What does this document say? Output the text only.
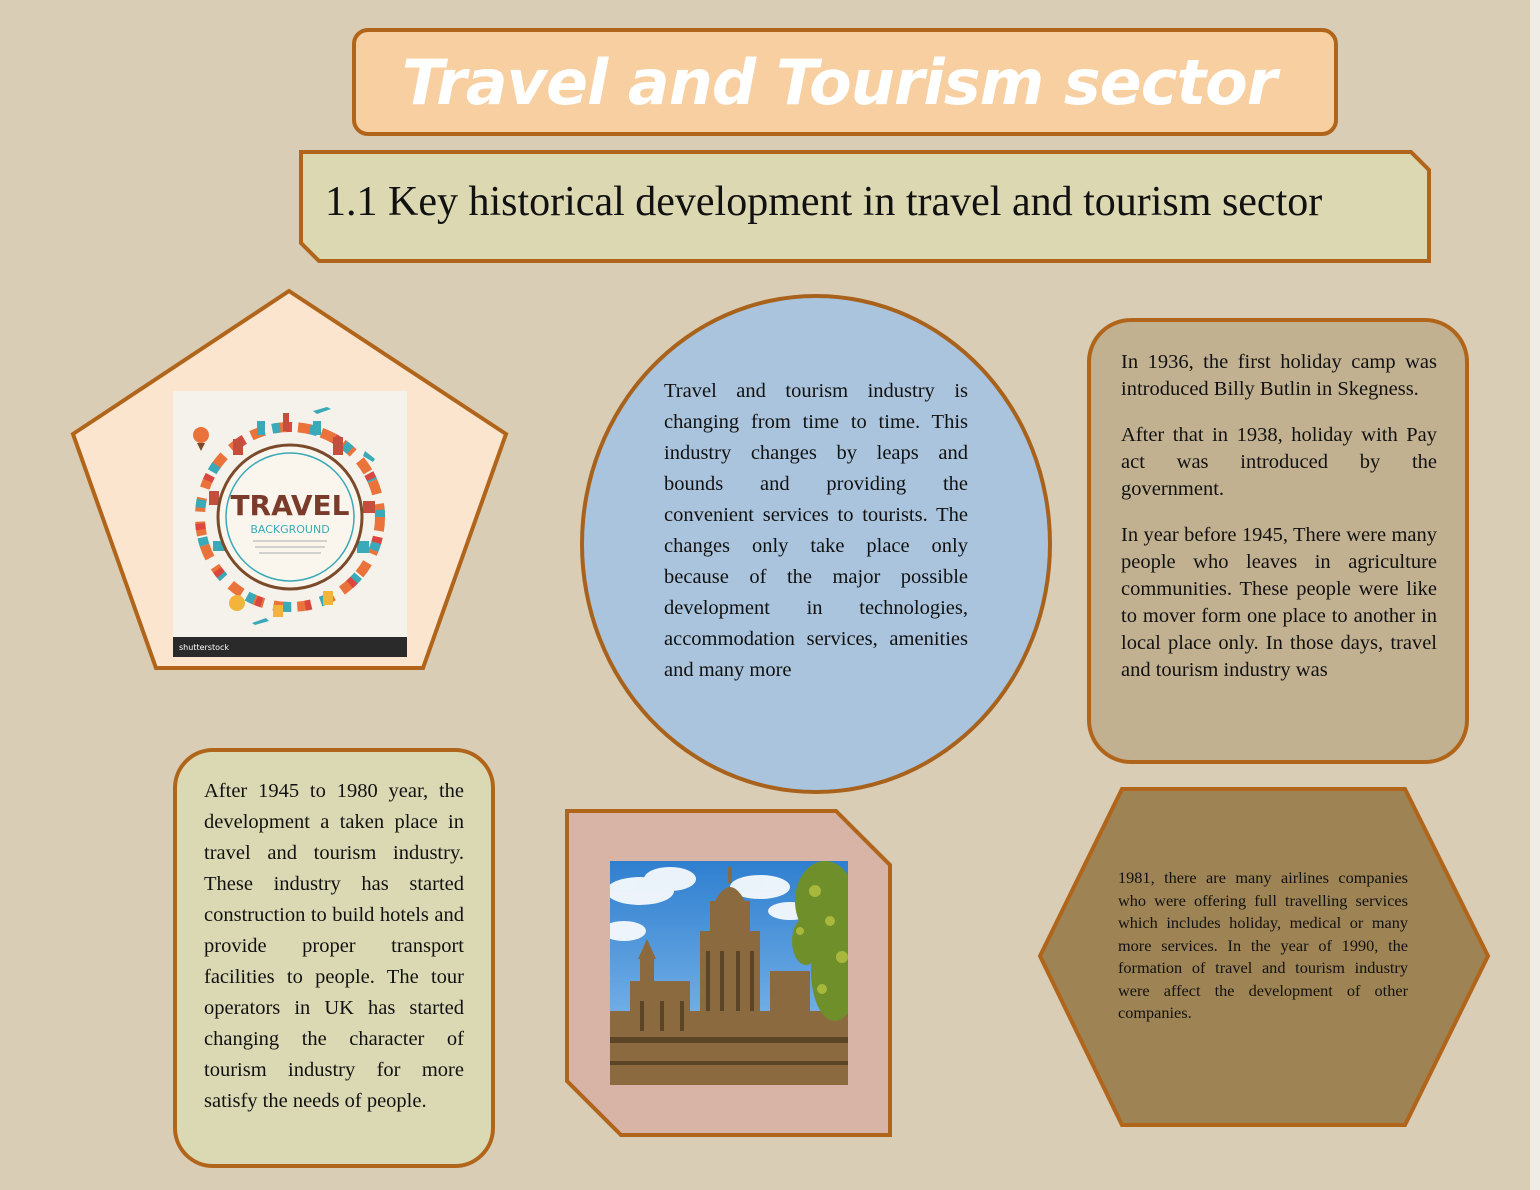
Travel and Tourism sector
1.1 Key historical development in travel and tourism sector
TRAVEL
BACKGROUND
shutterstock
Travel and tourism industry is changing from time to time. This industry changes by leaps and bounds and providing the convenient services to tourists. The changes only take place only because of the major possible development in technologies, accommodation services, amenities and many more

In 1936, the first holiday camp was introduced Billy Butlin in Skegness.

After that in 1938, holiday with Pay act was introduced by the government.

In year before 1945, There were many people who leaves in agriculture communities. These people were like to mover form one place to another in local place only. In those days, travel and tourism industry was

After 1945 to 1980 year, the development a taken place in travel and tourism industry. These industry has started construction to build hotels and provide proper transport facilities to people. The tour operators in UK has started changing the character of tourism industry for more satisfy the needs of people.
1981, there are many airlines companies who were offering full travelling services which includes holiday, medical or many more services. In the year of 1990, the formation of travel and tourism industry were affect the development of other companies.
